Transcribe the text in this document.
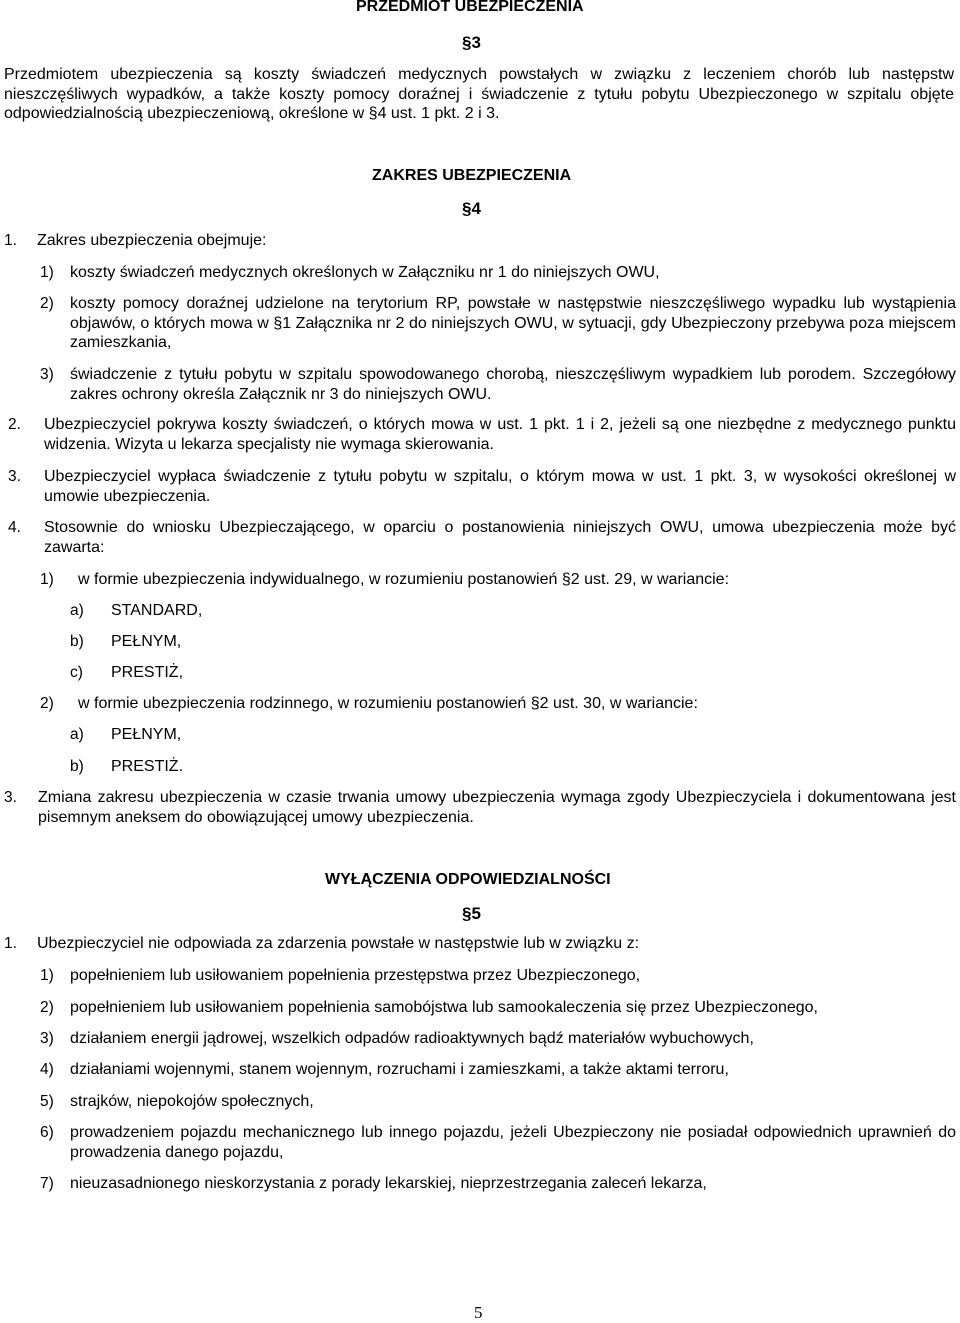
PRZEDMIOT UBEZPIECZENIA
§3
Przedmiotem ubezpieczenia są koszty świadczeń medycznych powstałych w związku z leczeniem chorób lub następstw nieszczęśliwych wypadków, a także koszty pomocy doraźnej i świadczenie z tytułu pobytu Ubezpieczonego w szpitalu objęte odpowiedzialnością ubezpieczeniową, określone w §4 ust. 1 pkt. 2 i 3.
ZAKRES UBEZPIECZENIA
§4
1. Zakres ubezpieczenia obejmuje:
1) koszty świadczeń medycznych określonych w Załączniku nr 1 do niniejszych OWU,
2) koszty pomocy doraźnej udzielone na terytorium RP, powstałe w następstwie nieszczęśliwego wypadku lub wystąpienia objawów, o których mowa w §1 Załącznika nr 2 do niniejszych OWU, w sytuacji, gdy Ubezpieczony przebywa poza miejscem zamieszkania,
3) świadczenie z tytułu pobytu w szpitalu spowodowanego chorobą, nieszczęśliwym wypadkiem lub porodem. Szczegółowy zakres ochrony określa Załącznik nr 3 do niniejszych OWU.
2. Ubezpieczyciel pokrywa koszty świadczeń, o których mowa w ust. 1 pkt. 1 i 2, jeżeli są one niezbędne z medycznego punktu widzenia. Wizyta u lekarza specjalisty nie wymaga skierowania.
3. Ubezpieczyciel wypłaca świadczenie z tytułu pobytu w szpitalu, o którym mowa w ust. 1 pkt. 3, w wysokości określonej w umowie ubezpieczenia.
4. Stosownie do wniosku Ubezpieczającego, w oparciu o postanowienia niniejszych OWU, umowa ubezpieczenia może być zawarta:
1) w formie ubezpieczenia indywidualnego, w rozumieniu postanowień §2 ust. 29, w wariancie:
a) STANDARD,
b) PEŁNYM,
c) PRESTIŻ,
2) w formie ubezpieczenia rodzinnego, w rozumieniu postanowień §2 ust. 30, w wariancie:
a) PEŁNYM,
b) PRESTIŻ.
3. Zmiana zakresu ubezpieczenia w czasie trwania umowy ubezpieczenia wymaga zgody Ubezpieczyciela i dokumentowana jest pisemnym aneksem do obowiązującej umowy ubezpieczenia.
WYŁĄCZENIA ODPOWIEDZIALNOŚCI
§5
1. Ubezpieczyciel nie odpowiada za zdarzenia powstałe w następstwie lub w związku z:
1) popełnieniem lub usiłowaniem popełnienia przestępstwa przez Ubezpieczonego,
2) popełnieniem lub usiłowaniem popełnienia samobójstwa lub samookaleczenia się przez Ubezpieczonego,
3) działaniem energii jądrowej, wszelkich odpadów radioaktywnych bądź materiałów wybuchowych,
4) działaniami wojennymi, stanem wojennym, rozruchami i zamieszkami, a także aktami terroru,
5) strajków, niepokojów społecznych,
6) prowadzeniem pojazdu mechanicznego lub innego pojazdu, jeżeli Ubezpieczony nie posiadał odpowiednich uprawnień do prowadzenia danego pojazdu,
7) nieuzasadnionego nieskorzystania z porady lekarskiej, nieprzestrzegania zaleceń lekarza,
5
